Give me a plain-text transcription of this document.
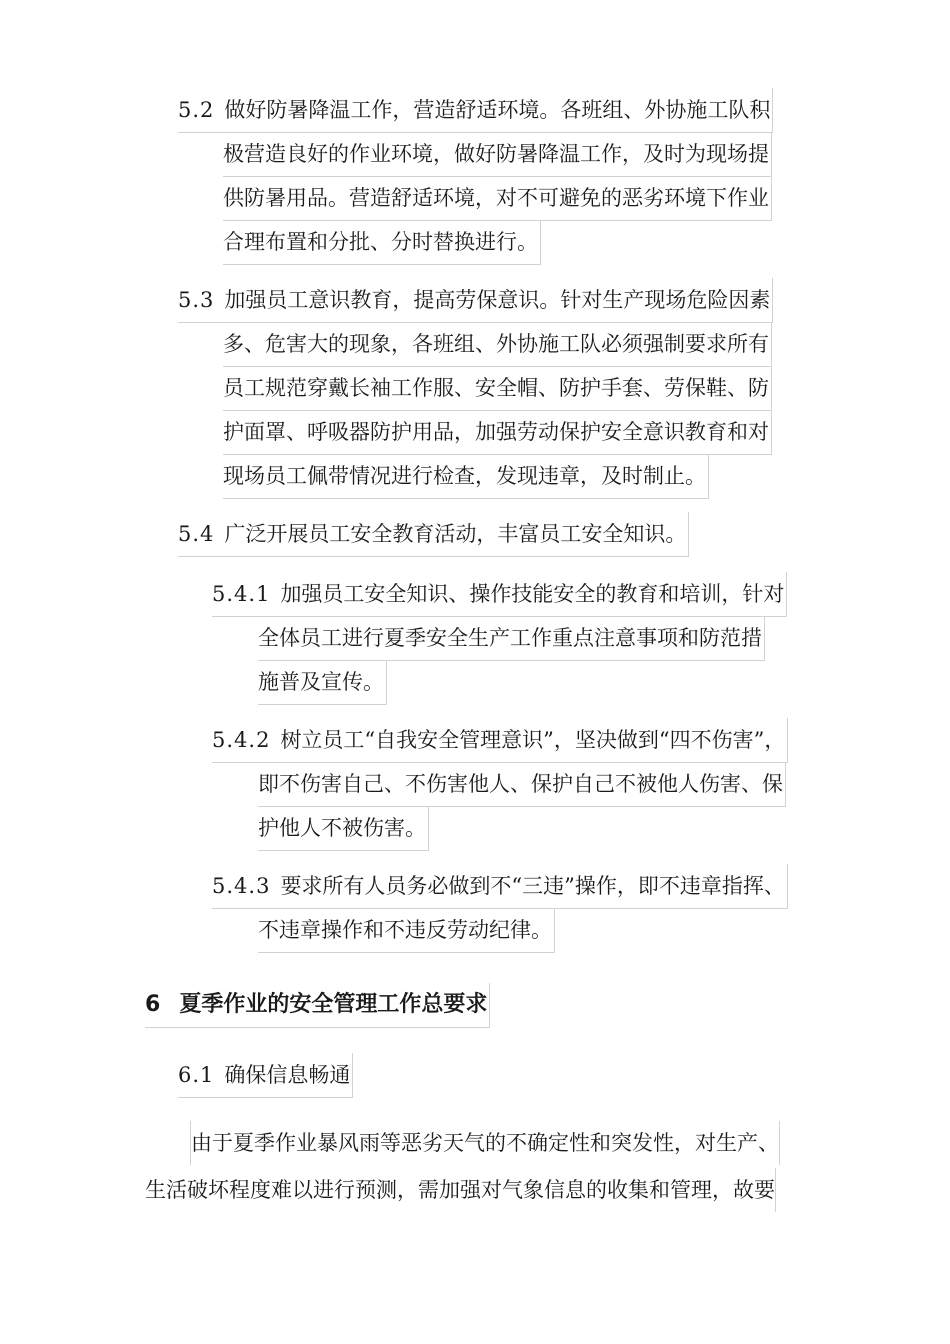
5.2 做好防暑降温工作，营造舒适环境。各班组、外协施工队积
极营造良好的作业环境，做好防暑降温工作，及时为现场提
供防暑用品。营造舒适环境，对不可避免的恶劣环境下作业
合理布置和分批、分时替换进行。
5.3 加强员工意识教育，提高劳保意识。针对生产现场危险因素
多、危害大的现象，各班组、外协施工队必须强制要求所有
员工规范穿戴长袖工作服、安全帽、防护手套、劳保鞋、防
护面罩、呼吸器防护用品，加强劳动保护安全意识教育和对
现场员工佩带情况进行检查，发现违章，及时制止。
5.4 广泛开展员工安全教育活动，丰富员工安全知识。
5.4.1 加强员工安全知识、操作技能安全的教育和培训，针对
全体员工进行夏季安全生产工作重点注意事项和防范措
施普及宣传。
5.4.2 树立员工“自我安全管理意识”，坚决做到“四不伤害”，
即不伤害自己、不伤害他人、保护自己不被他人伤害、保
护他人不被伤害。
5.4.3 要求所有人员务必做到不“三违”操作，即不违章指挥、
不违章操作和不违反劳动纪律。
6 夏季作业的安全管理工作总要求
6.1 确保信息畅通
由于夏季作业暴风雨等恶劣天气的不确定性和突发性，对生产、
生活破坏程度难以进行预测，需加强对气象信息的收集和管理，故要
